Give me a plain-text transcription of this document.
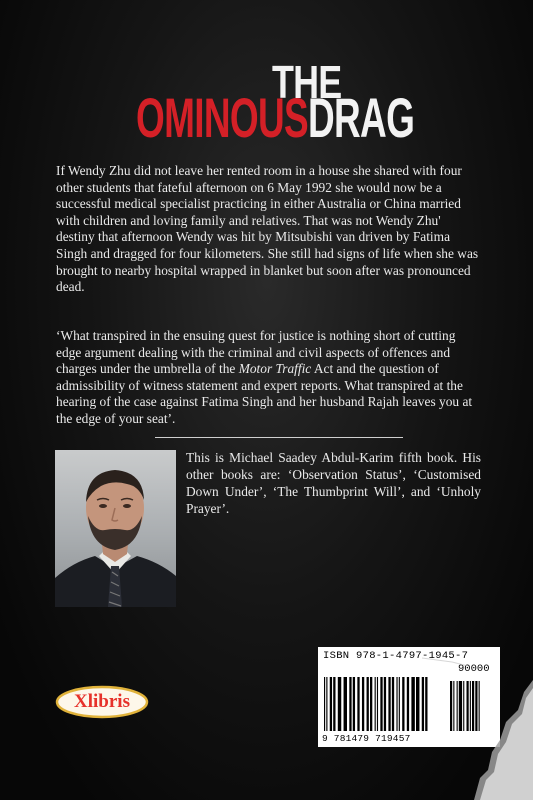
THE
OMINOUSDRAG
If Wendy Zhu did not leave her rented room in a house she shared with four other students that fateful afternoon on 6 May 1992 she would now be a successful medical specialist practicing in either Australia or China married with children and loving family and relatives. That was not Wendy Zhu' destiny that afternoon Wendy was hit by Mitsubishi van driven by Fatima Singh and dragged for four kilometers. She still had signs of life when she was brought to nearby hospital wrapped in blanket but soon after was pronounced dead.
‘What transpired in the ensuing quest for justice is nothing short of cutting edge argument dealing with the criminal and civil aspects of offences and charges under the umbrella of the Motor Traffic Act and the question of admissibility of witness statement and expert reports. What transpired at the hearing of the case against Fatima Singh and her husband Rajah leaves you at the edge of your seat’.
This is Michael Saadey Abdul-Karim fifth book. His other books are: ‘Observation Status’, ‘Customised Down Under’, ‘The Thumbprint Will’, and ‘Unholy Prayer’.
Xlibris
ISBN 978-1-4797-1945-7
90000
9 781479 719457
